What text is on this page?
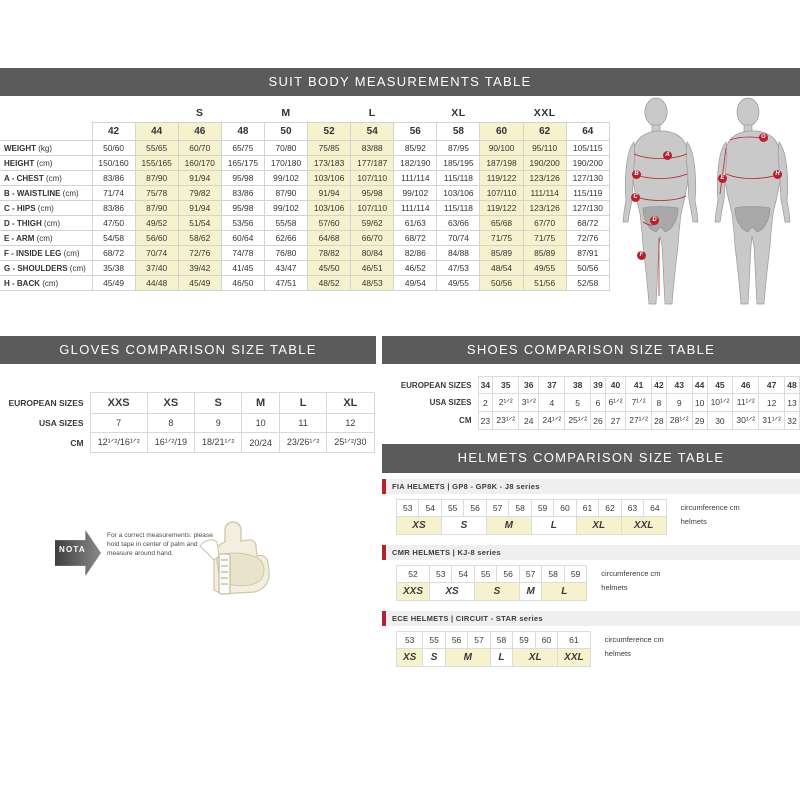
SUIT BODY MEASUREMENTS TABLE
			S		M		L		XL		XXL		
	42	44	46	48	50	52	54	56	58	60	62	64	
WEIGHT (kg)	50/60	55/65	60/70	65/75	70/80	75/85	83/88	85/92	87/95	90/100	95/110	105/115	
HEIGHT (cm)	150/160	155/165	160/170	165/175	170/180	173/183	177/187	182/190	185/195	187/198	190/200	190/200	
A - CHEST (cm)	83/86	87/90	91/94	95/98	99/102	103/106	107/110	111/114	115/118	119/122	123/126	127/130	
B - WAISTLINE (cm)	71/74	75/78	79/82	83/86	87/90	91/94	95/98	99/102	103/106	107/110	111/114	115/119	
C - HIPS (cm)	83/86	87/90	91/94	95/98	99/102	103/106	107/110	111/114	115/118	119/122	123/126	127/130	
D - THIGH (cm)	47/50	49/52	51/54	53/56	55/58	57/60	59/62	61/63	63/66	65/68	67/70	68/72	
E - ARM (cm)	54/58	56/60	58/62	60/64	62/66	64/68	66/70	68/72	70/74	71/75	71/75	72/76	
F - INSIDE LEG (cm)	68/72	70/74	72/76	74/78	76/80	78/82	80/84	82/86	84/88	85/89	85/89	87/91	
G - SHOULDERS (cm)	35/38	37/40	39/42	41/45	43/47	45/50	46/51	46/52	47/53	48/54	49/55	50/56	
H - BACK (cm)	45/49	44/48	45/49	46/50	47/51	48/52	48/53	49/54	49/55	50/56	51/56	52/58	
A
B
C
D
F
G
E
H
GLOVES COMPARISON SIZE TABLE
EUROPEAN SIZES	XXS	XS	S	M	L	XL
USA SIZES	7	8	9	10	11	12
CM	12¹ᐟ²/16¹ᐟ²	16¹ᐟ²/19	18/21¹ᐟ²	20/24	23/26¹ᐟ²	25¹ᐟ²/30
NOTA
For a correct measurements: please hold tape in center of palm and measure around hand.
SHOES COMPARISON SIZE TABLE
EUROPEAN SIZES	34	35	36	37	38	39	40	41	42	43	44	45	46	47	48
USA SIZES	2	2¹ᐟ²	3¹ᐟ²	4	5	6	6¹ᐟ²	7¹ᐟ²	8	9	10	10¹ᐟ²	11¹ᐟ²	12	13
CM	23	23¹ᐟ²	24	24¹ᐟ²	25¹ᐟ²	26	27	27¹ᐟ²	28	28¹ᐟ²	29	30	30¹ᐟ²	31¹ᐟ²	32
HELMETS COMPARISON SIZE TABLE
FIA HELMETS | GP8 - GP8K - J8 series
53	54	55	56	57	58	59	60	61	62	63	64
XS		S		M		L		XL		XXL	
circumference cm
helmets
CMR HELMETS | KJ-8 series
52	53	54	55	56	57	58	59
XXS	XS		S		M	L	
circumference cm
helmets
ECE HELMETS | CIRCUIT - STAR series
53	55	56	57	58	59	60	61
XS	S	M		L	XL		XXL
circumference cm
helmets
